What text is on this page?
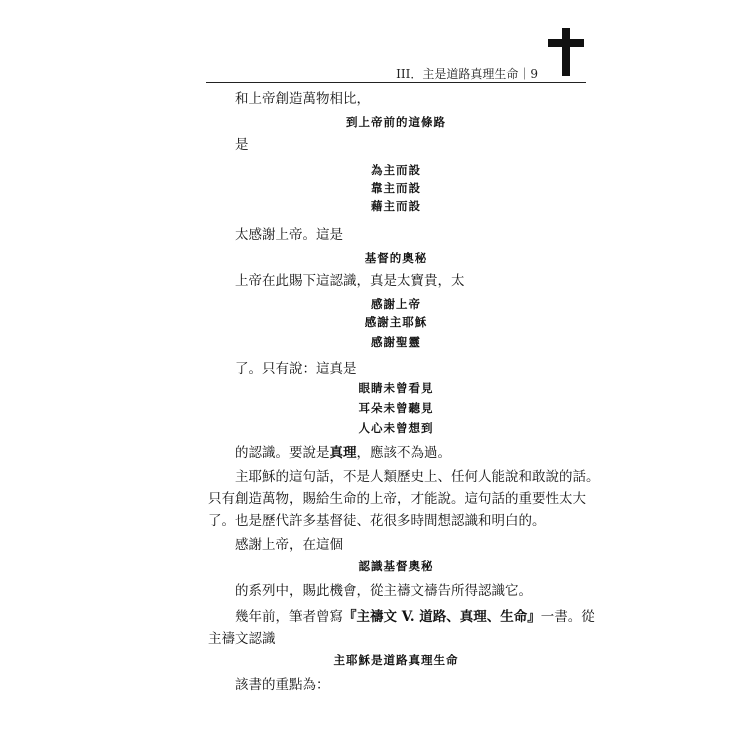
III．主是道路真理生命｜9
和上帝創造萬物相比，
到上帝前的這條路
是
為主而設
靠主而設
藉主而設
太感謝上帝。這是
基督的奧秘
上帝在此賜下這認識，真是太寶貴，太
感謝上帝
感謝主耶穌
感謝聖靈
了。只有說：這真是
眼睛未曾看見
耳朵未曾聽見
人心未曾想到
的認識。要說是真理，應該不為過。
主耶穌的這句話，不是人類歷史上、任何人能說和敢說的話。
只有創造萬物，賜給生命的上帝，才能說。這句話的重要性太大
了。也是歷代許多基督徒、花很多時間想認識和明白的。
感謝上帝，在這個
認識基督奧秘
的系列中，賜此機會，從主禱文禱告所得認識它。
幾年前，筆者曾寫『主禱文 V. 道路、真理、生命』一書。從
主禱文認識
主耶穌是道路真理生命
該書的重點為：
